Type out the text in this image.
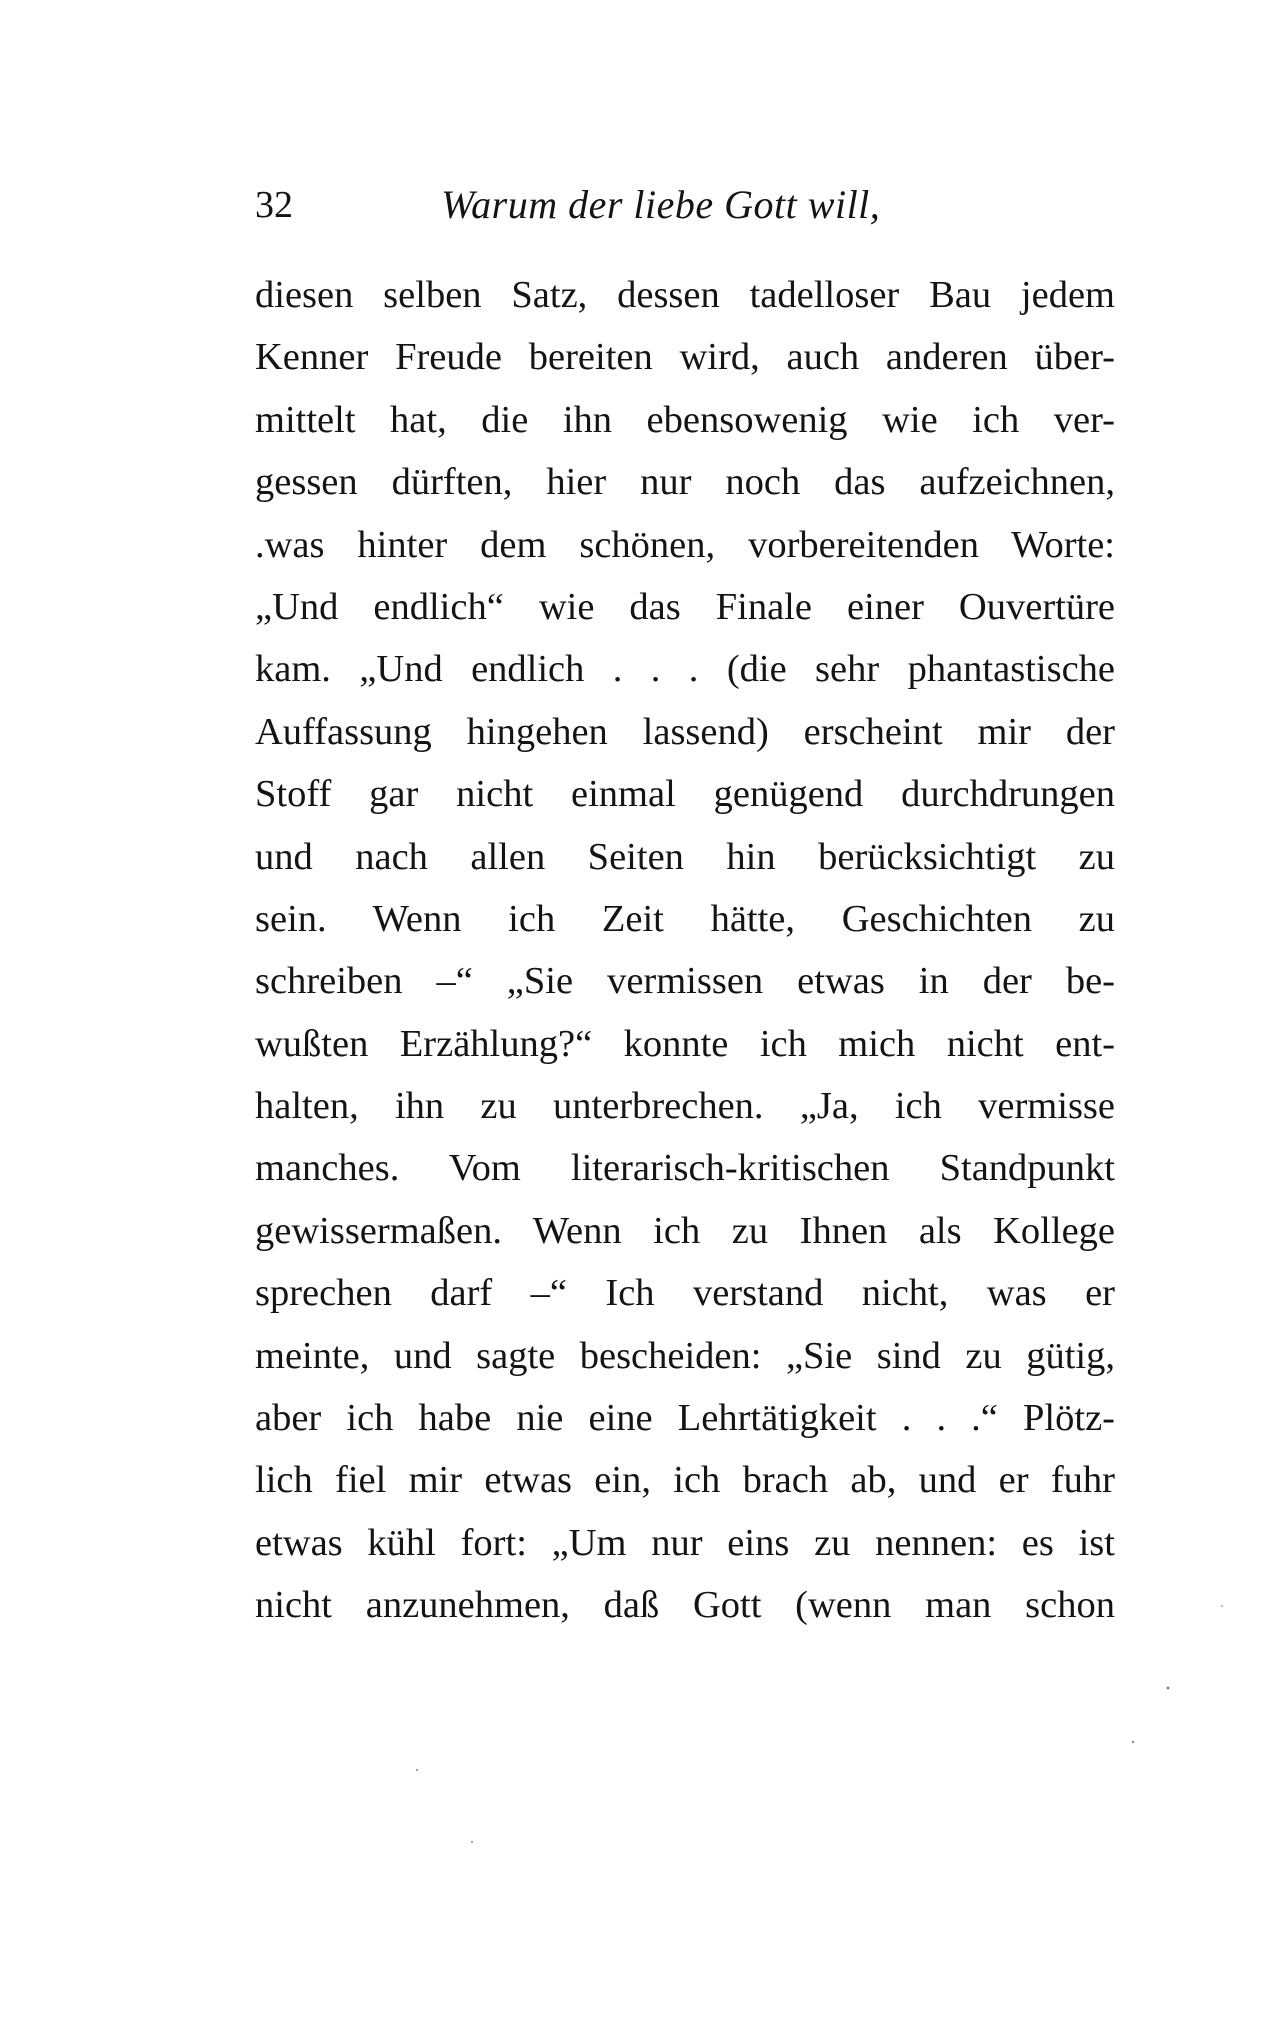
32	Warum der liebe Gott will,
diesen selben Satz, dessen tadelloser Bau jedem
Kenner Freude bereiten wird, auch anderen über-
mittelt hat, die ihn ebensowenig wie ich ver-
gessen dürften, hier nur noch das aufzeichnen,
.was hinter dem schönen, vorbereitenden Worte:
„Und endlich“ wie das Finale einer Ouvertüre
kam. „Und endlich . . . (die sehr phantastische
Auffassung hingehen lassend) erscheint mir der
Stoff gar nicht einmal genügend durchdrungen
und nach allen Seiten hin berücksichtigt zu
sein. Wenn ich Zeit hätte, Geschichten zu
schreiben –“ „Sie vermissen etwas in der be-
wußten Erzählung?“ konnte ich mich nicht ent-
halten, ihn zu unterbrechen. „Ja, ich vermisse
manches. Vom literarisch-kritischen Standpunkt
gewissermaßen. Wenn ich zu Ihnen als Kollege
sprechen darf –“ Ich verstand nicht, was er
meinte, und sagte bescheiden: „Sie sind zu gütig,
aber ich habe nie eine Lehrtätigkeit . . .“ Plötz-
lich fiel mir etwas ein, ich brach ab, und er fuhr
etwas kühl fort: „Um nur eins zu nennen: es ist
nicht anzunehmen, daß Gott (wenn man schon
